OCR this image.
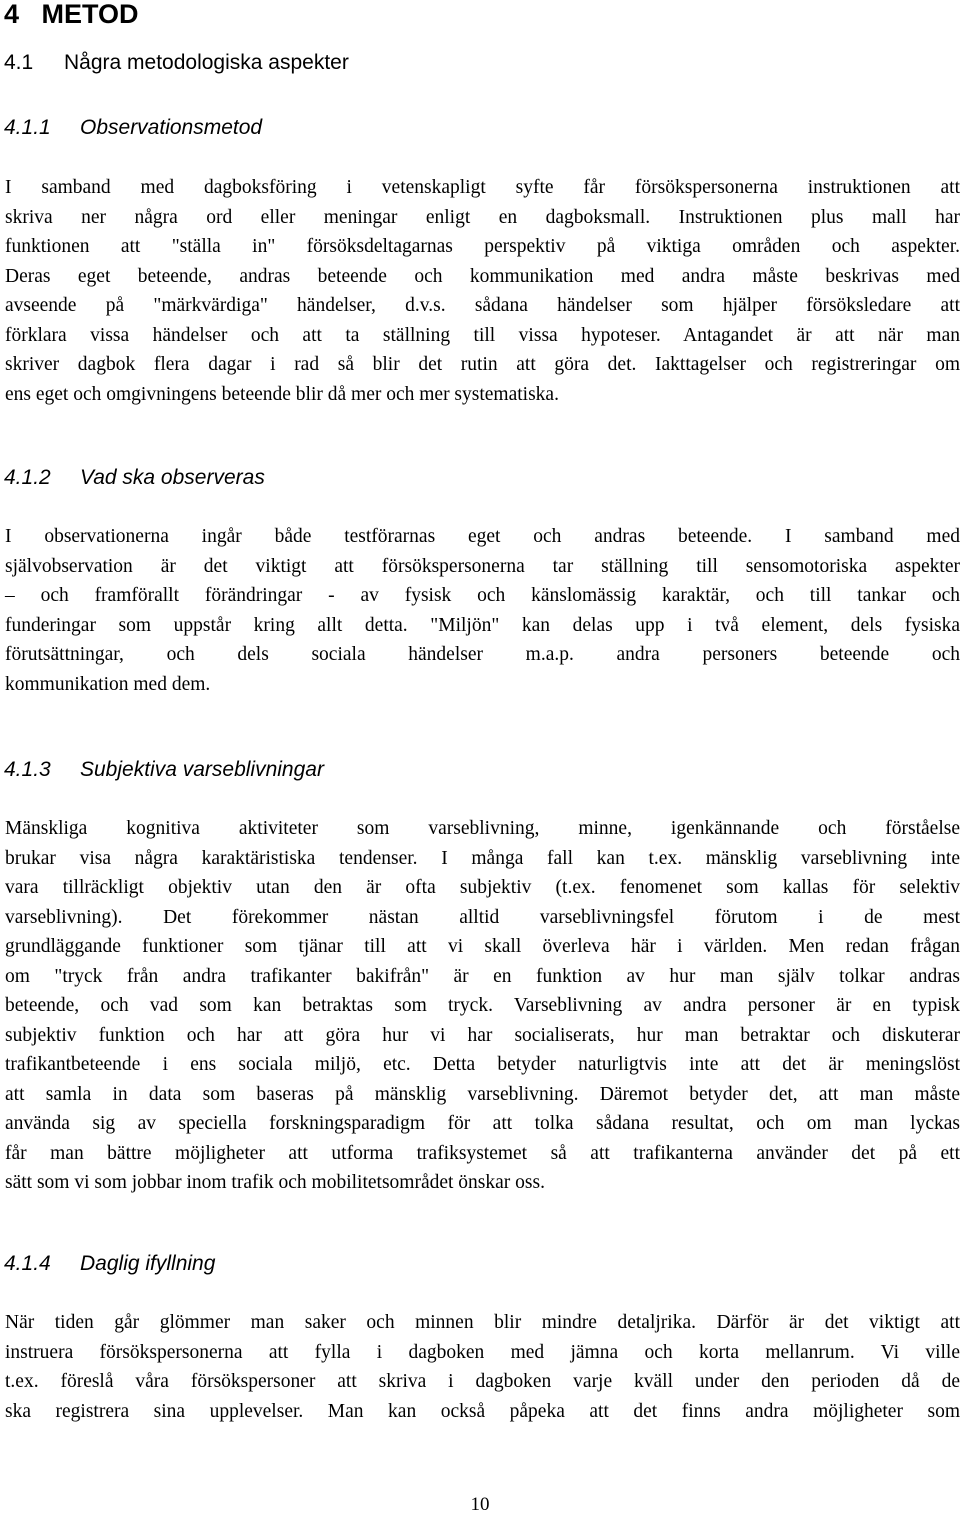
4 METOD
4.1 Några metodologiska aspekter
4.1.1 Observationsmetod
I samband med dagboksföring i vetenskapligt syfte får försökspersonerna instruktionen att
skriva ner några ord eller meningar enligt en dagboksmall. Instruktionen plus mall har
funktionen att "ställa in" försöksdeltagarnas perspektiv på viktiga områden och aspekter.
Deras eget beteende, andras beteende och kommunikation med andra måste beskrivas med
avseende på "märkvärdiga" händelser, d.v.s. sådana händelser som hjälper försöksledare att
förklara vissa händelser och att ta ställning till vissa hypoteser. Antagandet är att när man
skriver dagbok flera dagar i rad så blir det rutin att göra det. Iakttagelser och registreringar om
ens eget och omgivningens beteende blir då mer och mer systematiska.
4.1.2 Vad ska observeras
I observationerna ingår både testförarnas eget och andras beteende. I samband med
självobservation är det viktigt att försökspersonerna tar ställning till sensomotoriska aspekter
– och framförallt förändringar - av fysisk och känslomässig karaktär, och till tankar och
funderingar som uppstår kring allt detta. "Miljön" kan delas upp i två element, dels fysiska
förutsättningar, och dels sociala händelser m.a.p. andra personers beteende och
kommunikation med dem.
4.1.3 Subjektiva varseblivningar
Mänskliga kognitiva aktiviteter som varseblivning, minne, igenkännande och förståelse
brukar visa några karaktäristiska tendenser. I många fall kan t.ex. mänsklig varseblivning inte
vara tillräckligt objektiv utan den är ofta subjektiv (t.ex. fenomenet som kallas för selektiv
varseblivning). Det förekommer nästan alltid varseblivningsfel förutom i de mest
grundläggande funktioner som tjänar till att vi skall överleva här i världen. Men redan frågan
om "tryck från andra trafikanter bakifrån" är en funktion av hur man själv tolkar andras
beteende, och vad som kan betraktas som tryck. Varseblivning av andra personer är en typisk
subjektiv funktion och har att göra hur vi har socialiserats, hur man betraktar och diskuterar
trafikantbeteende i ens sociala miljö, etc. Detta betyder naturligtvis inte att det är meningslöst
att samla in data som baseras på mänsklig varseblivning. Däremot betyder det, att man måste
använda sig av speciella forskningsparadigm för att tolka sådana resultat, och om man lyckas
får man bättre möjligheter att utforma trafiksystemet så att trafikanterna använder det på ett
sätt som vi som jobbar inom trafik och mobilitetsområdet önskar oss.
4.1.4 Daglig ifyllning
När tiden går glömmer man saker och minnen blir mindre detaljrika. Därför är det viktigt att
instruera försökspersonerna att fylla i dagboken med jämna och korta mellanrum. Vi ville
t.ex. föreslå våra försökspersoner att skriva i dagboken varje kväll under den perioden då de
ska registrera sina upplevelser. Man kan också påpeka att det finns andra möjligheter som
10
